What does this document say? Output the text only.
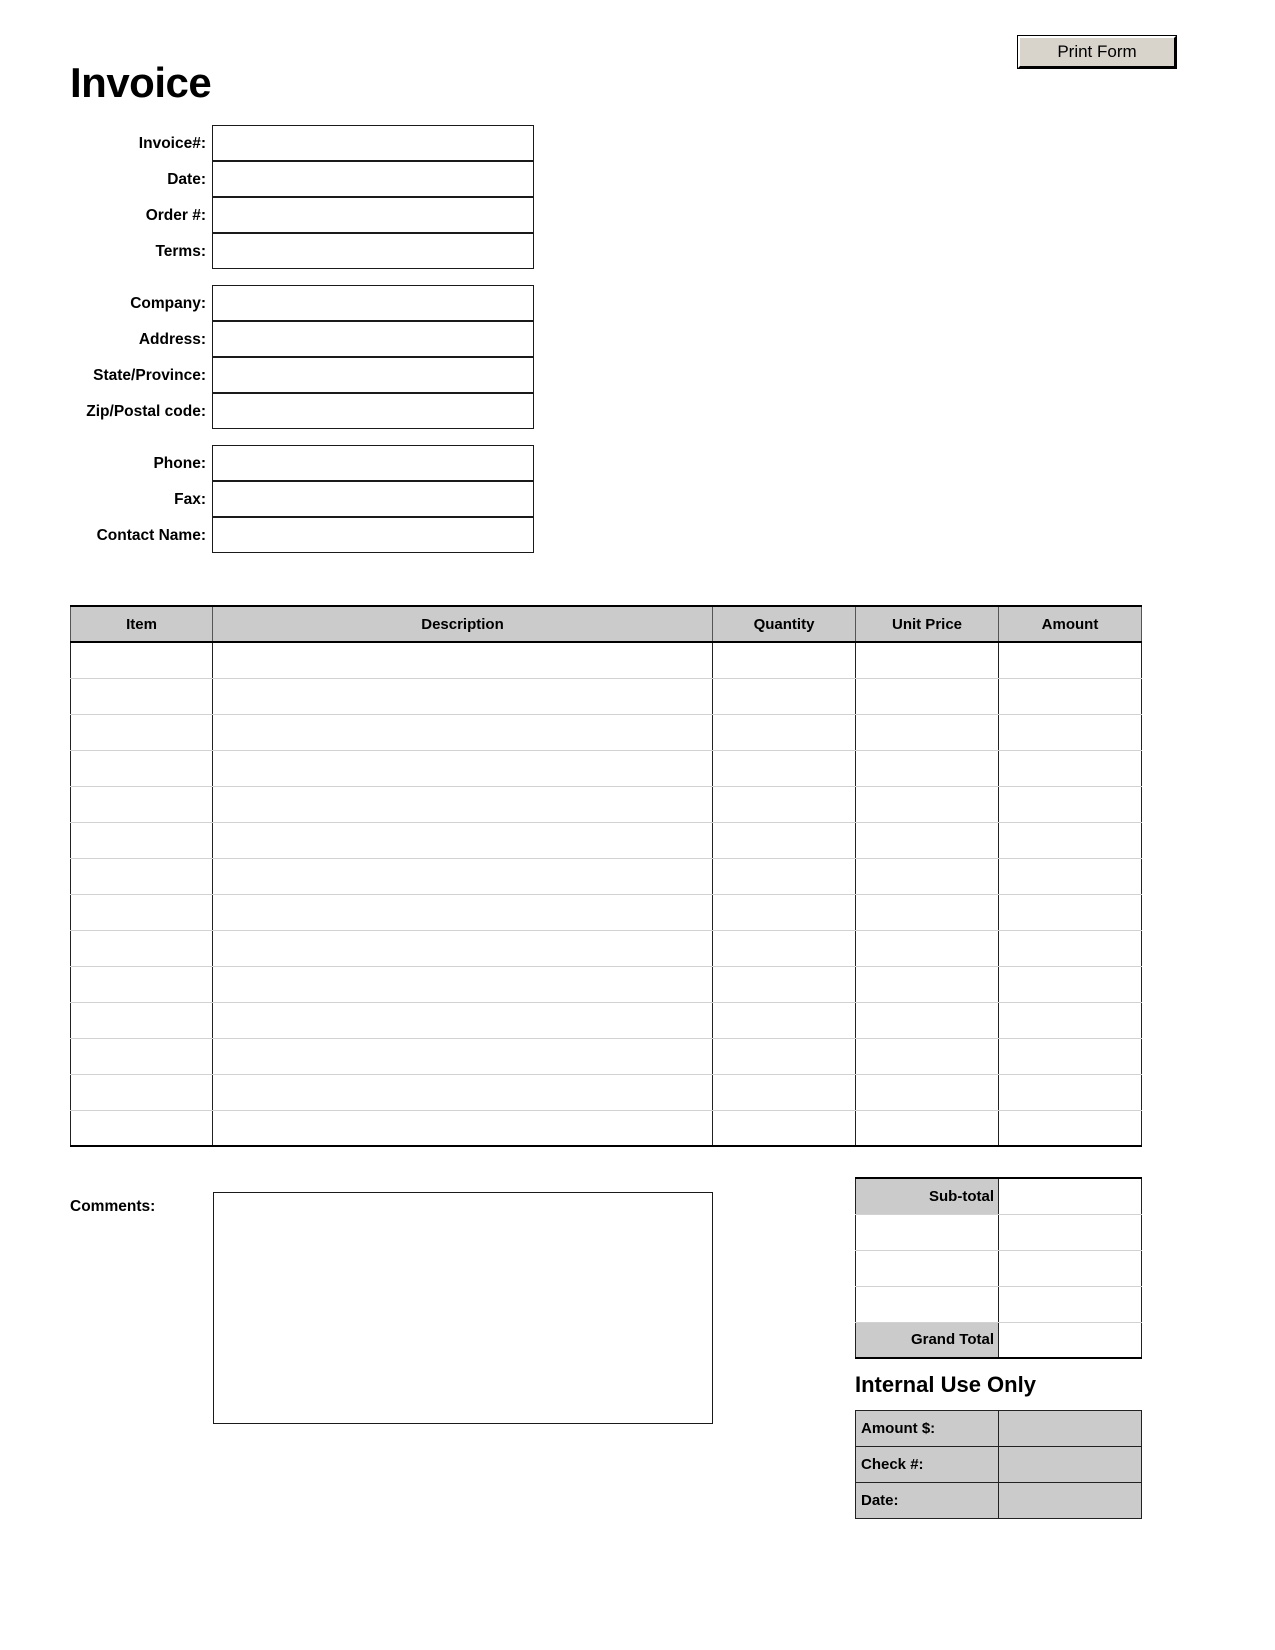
Print Form
Invoice
Invoice#:
Date:
Order #:
Terms:
Company:
Address:
State/Province:
Zip/Postal code:
Phone:
Fax:
Contact Name:
Item	Description	Quantity	Unit Price	Amount

Sub-total	

Grand Total	
Comments:
Internal Use Only
Amount $:	
Check #:	
Date:	
